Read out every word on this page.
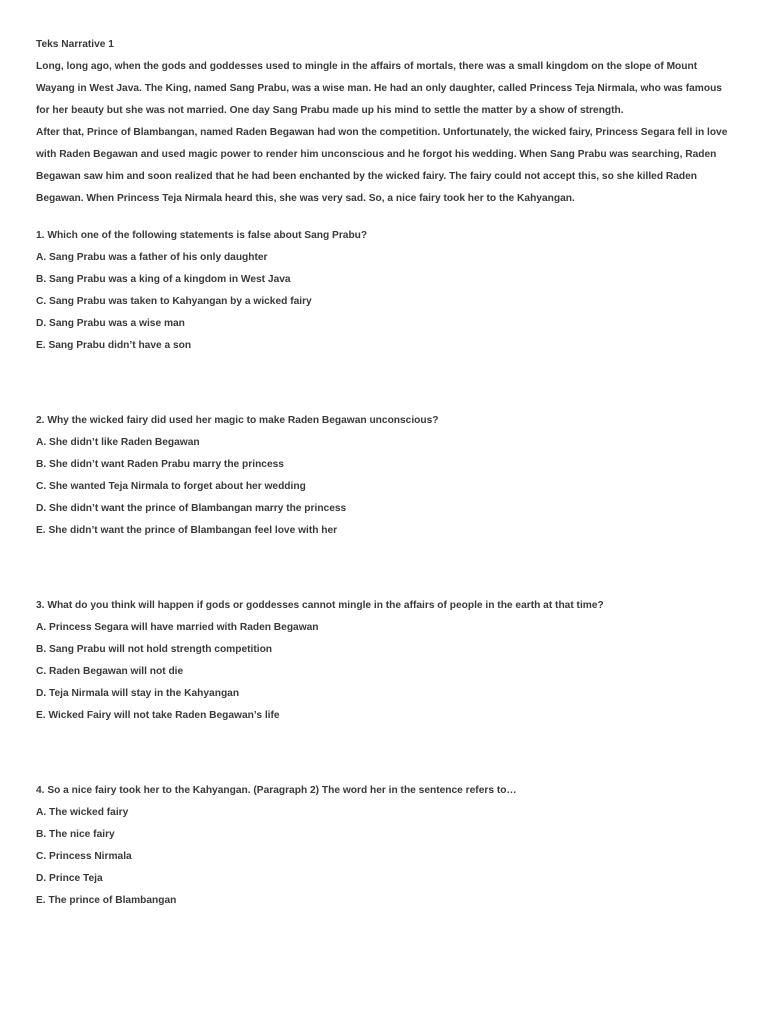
Teks Narrative 1
Long, long ago, when the gods and goddesses used to mingle in the affairs of mortals, there was a small kingdom on the slope of Mount Wayang in West Java. The King, named Sang Prabu, was a wise man. He had an only daughter, called Princess Teja Nirmala, who was famous for her beauty but she was not married. One day Sang Prabu made up his mind to settle the matter by a show of strength.
After that, Prince of Blambangan, named Raden Begawan had won the competition. Unfortunately, the wicked fairy, Princess Segara fell in love with Raden Begawan and used magic power to render him unconscious and he forgot his wedding. When Sang Prabu was searching, Raden Begawan saw him and soon realized that he had been enchanted by the wicked fairy. The fairy could not accept this, so she killed Raden Begawan. When Princess Teja Nirmala heard this, she was very sad. So, a nice fairy took her to the Kahyangan.
1. Which one of the following statements is false about Sang Prabu?
A. Sang Prabu was a father of his only daughter
B. Sang Prabu was a king of a kingdom in West Java
C. Sang Prabu was taken to Kahyangan by a wicked fairy
D. Sang Prabu was a wise man
E. Sang Prabu didn’t have a son
2. Why the wicked fairy did used her magic to make Raden Begawan unconscious?
A. She didn’t like Raden Begawan
B. She didn’t want Raden Prabu marry the princess
C. She wanted Teja Nirmala to forget about her wedding
D. She didn’t want the prince of Blambangan marry the princess
E. She didn’t want the prince of Blambangan feel love with her
3. What do you think will happen if gods or goddesses cannot mingle in the affairs of people in the earth at that time?
A. Princess Segara will have married with Raden Begawan
B. Sang Prabu will not hold strength competition
C. Raden Begawan will not die
D. Teja Nirmala will stay in the Kahyangan
E. Wicked Fairy will not take Raden Begawan’s life
4. So a nice fairy took her to the Kahyangan. (Paragraph 2) The word her in the sentence refers to…
A. The wicked fairy
B. The nice fairy
C. Princess Nirmala
D. Prince Teja
E. The prince of Blambangan
